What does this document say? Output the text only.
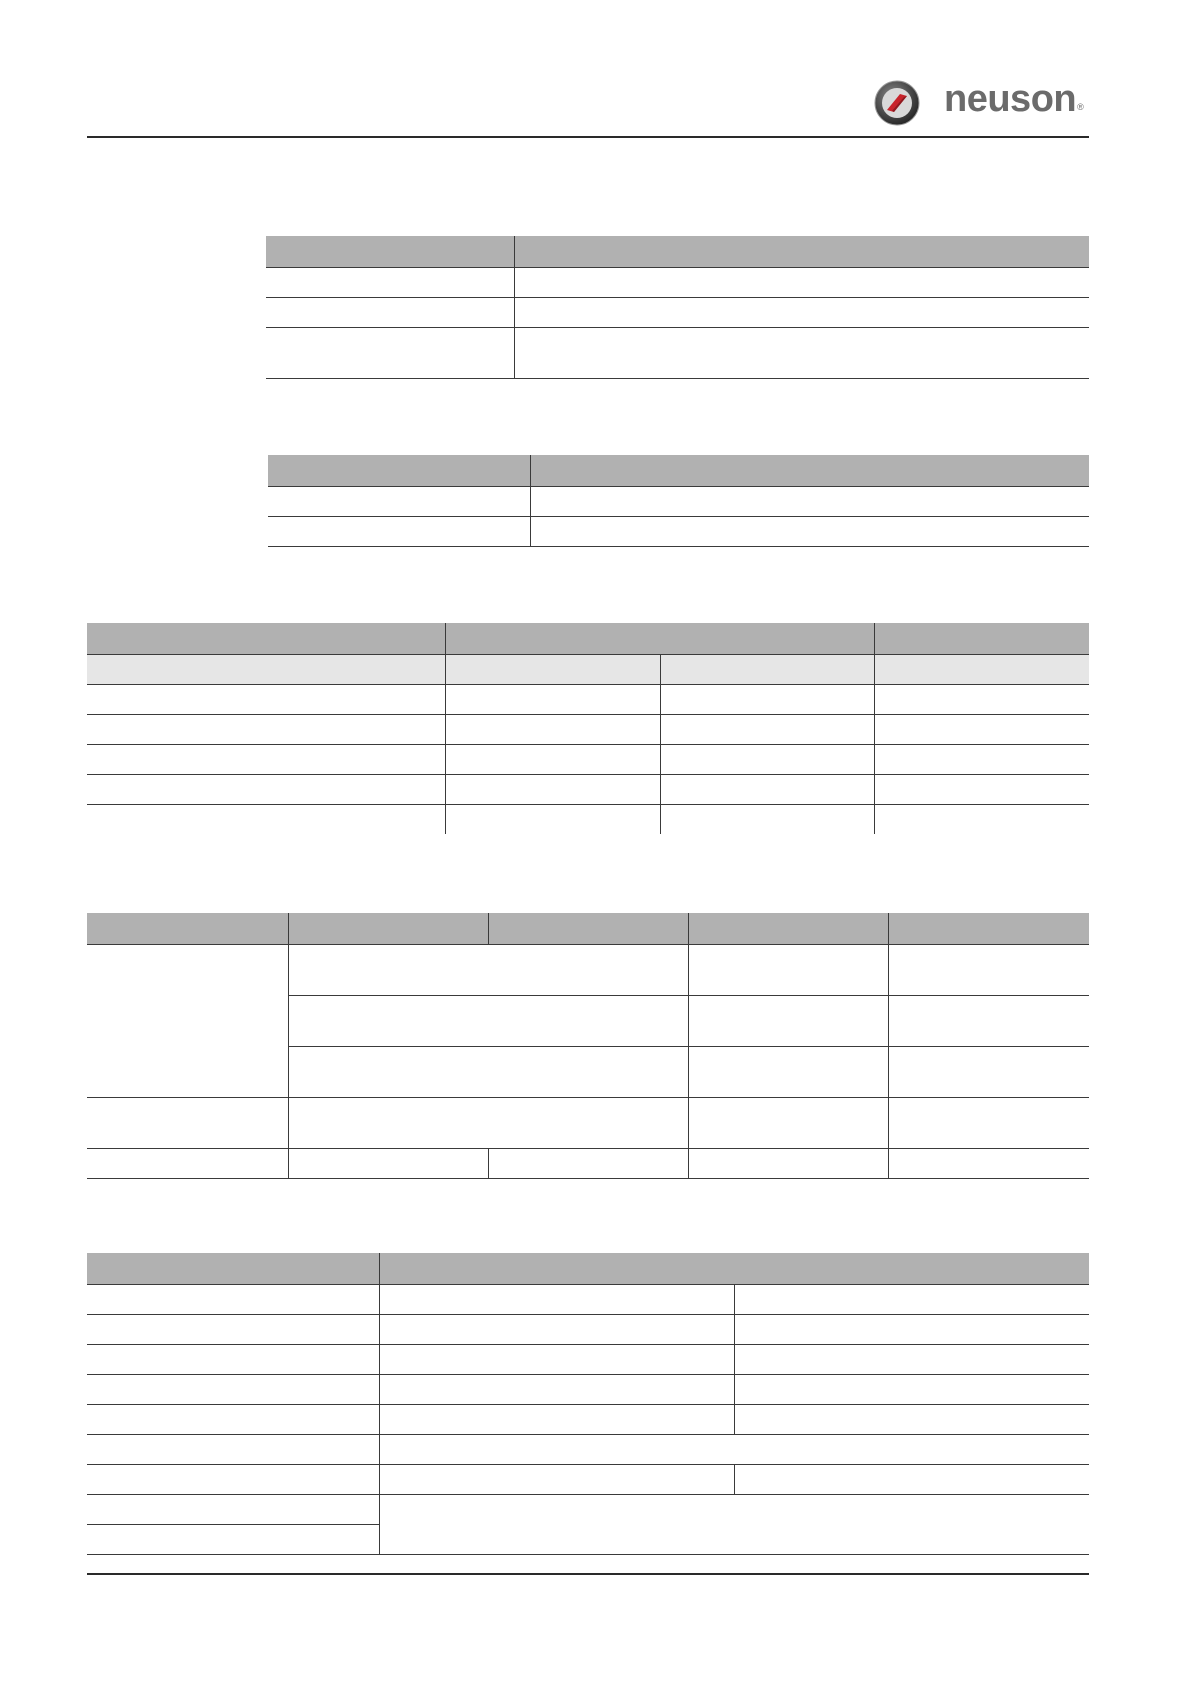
neuson®
